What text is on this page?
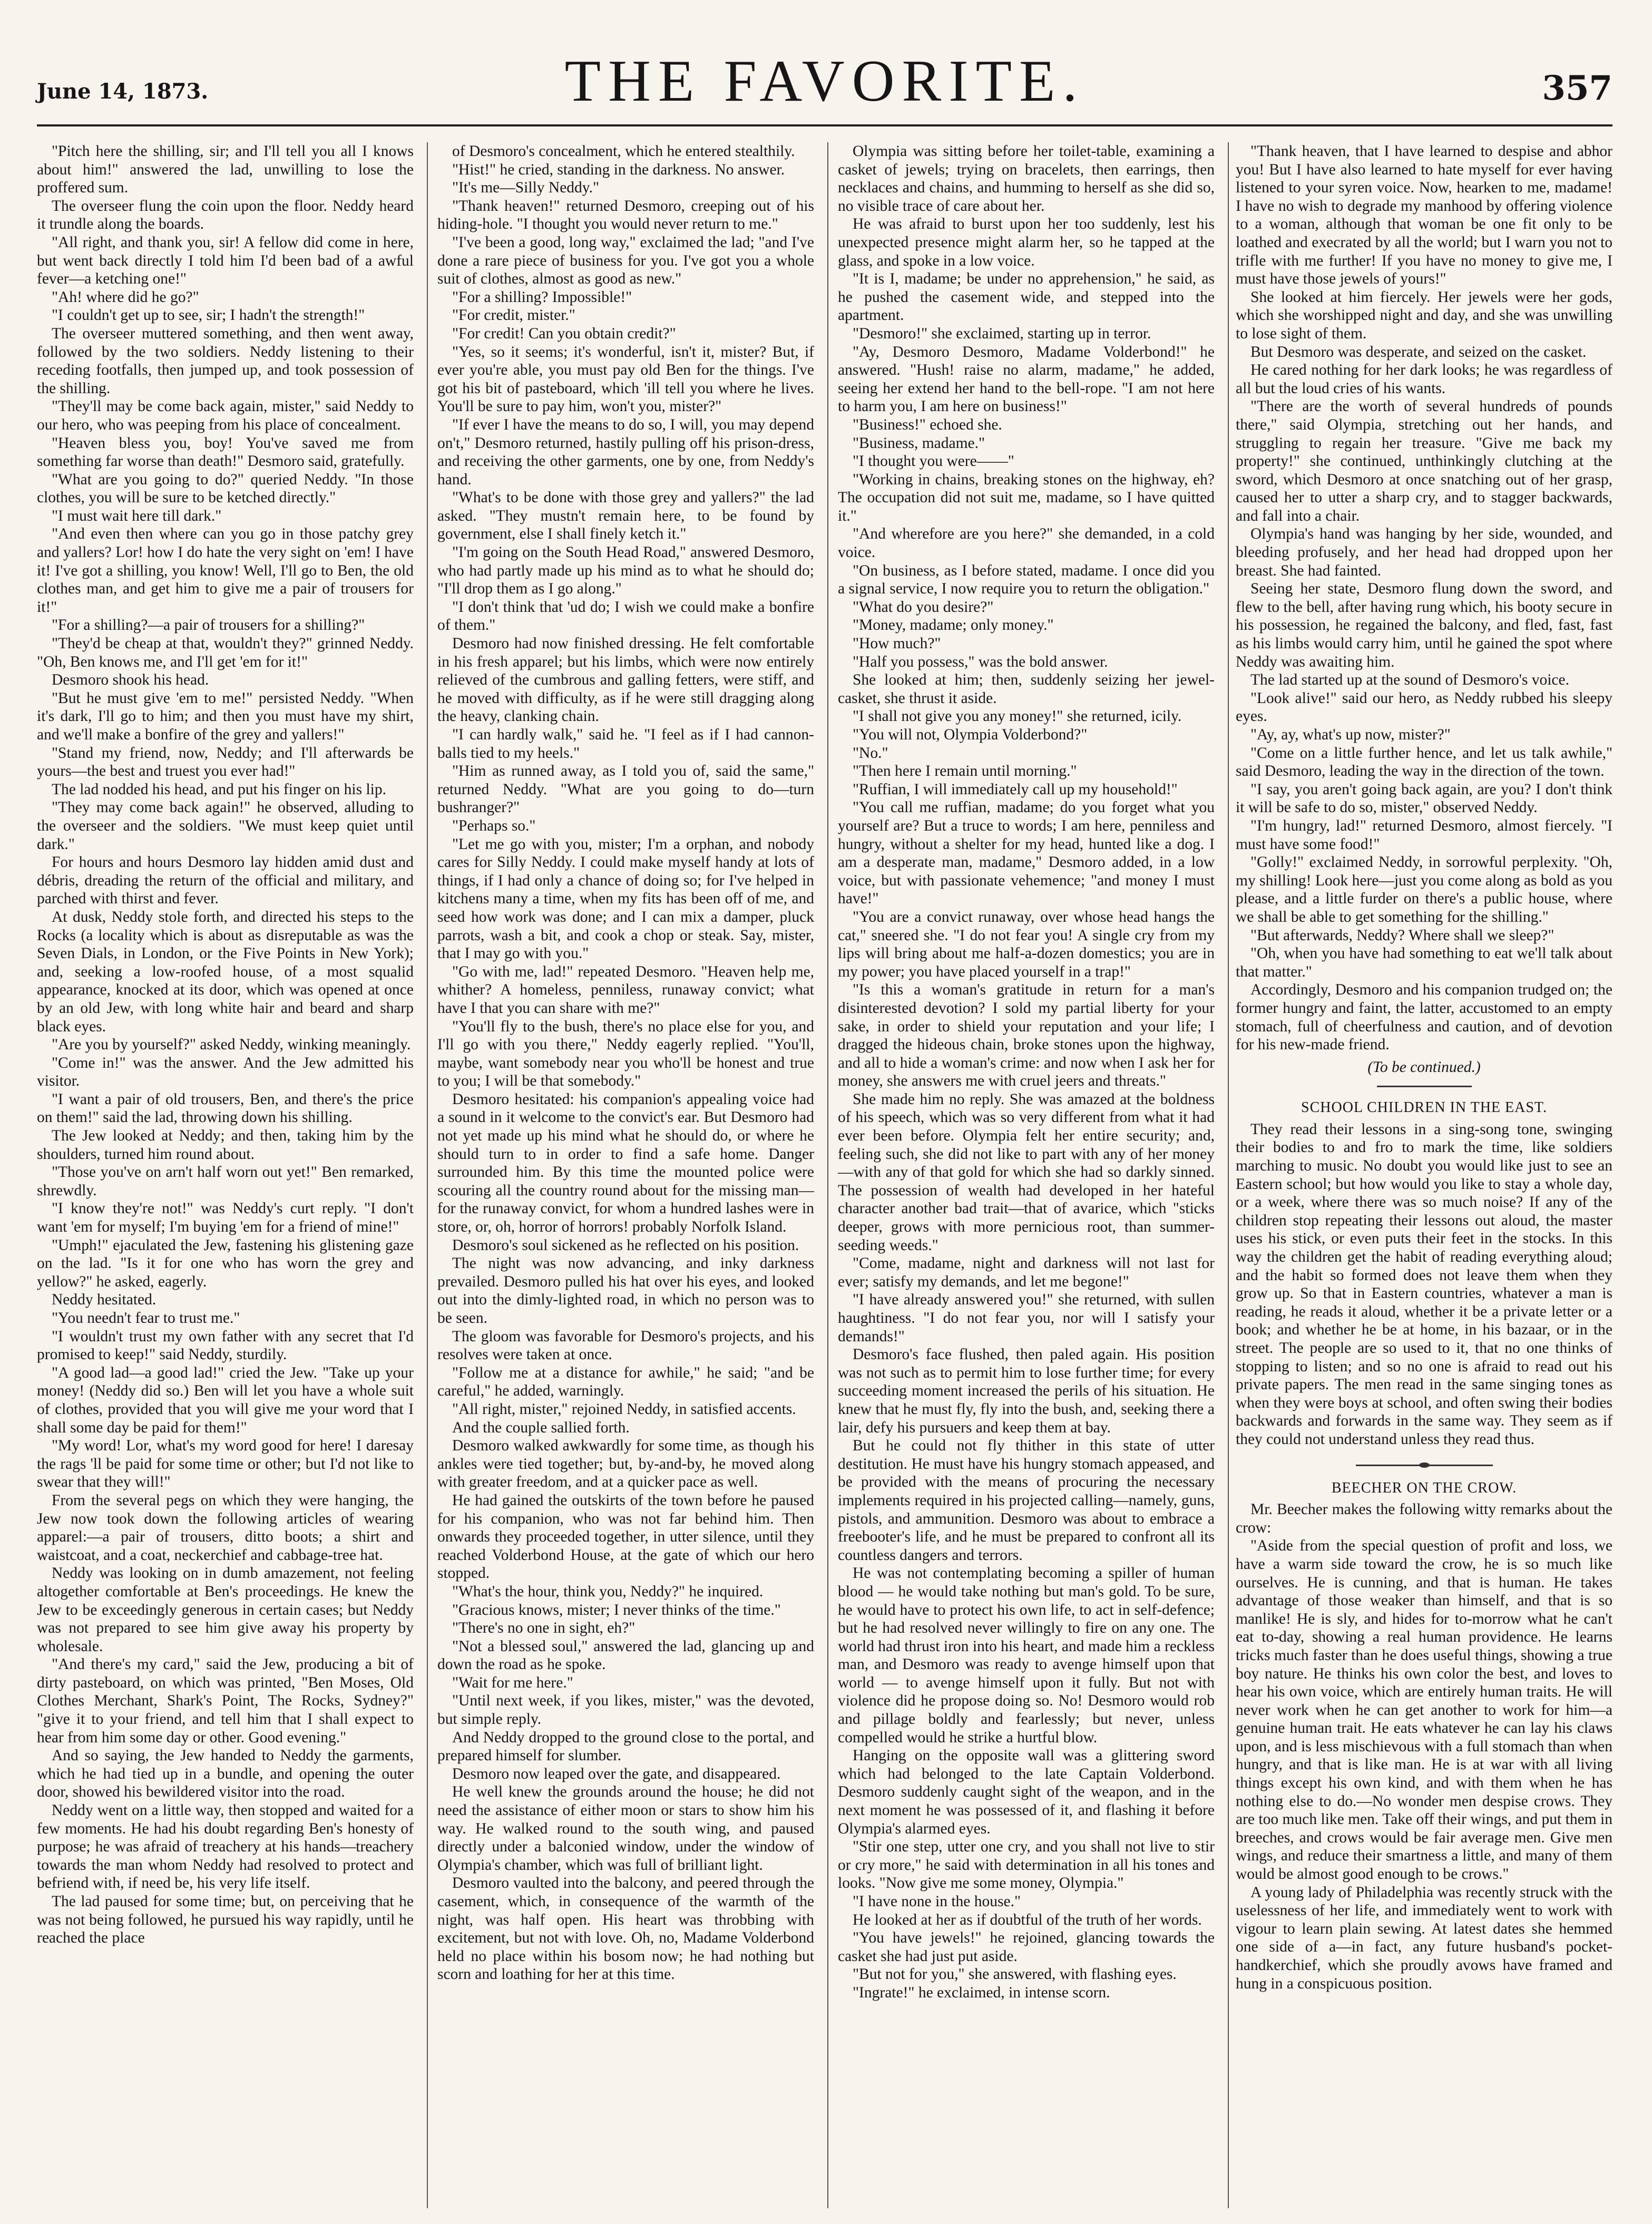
June 14, 1873.	THE FAVORITE.	357

"Pitch here the shilling, sir; and I'll tell you all I knows about him!" answered the lad, unwilling to lose the proffered sum.

The overseer flung the coin upon the floor. Neddy heard it trundle along the boards.

"All right, and thank you, sir! A fellow did come in here, but went back directly I told him I'd been bad of a awful fever—a ketching one!"

"Ah! where did he go?"

"I couldn't get up to see, sir; I hadn't the strength!"

The overseer muttered something, and then went away, followed by the two soldiers. Neddy listening to their receding footfalls, then jumped up, and took possession of the shilling.

"They'll may be come back again, mister," said Neddy to our hero, who was peeping from his place of concealment.

"Heaven bless you, boy! You've saved me from something far worse than death!" Desmoro said, gratefully.

"What are you going to do?" queried Neddy. "In those clothes, you will be sure to be ketched directly."

"I must wait here till dark."

"And even then where can you go in those patchy grey and yallers? Lor! how I do hate the very sight on 'em! I have it! I've got a shilling, you know! Well, I'll go to Ben, the old clothes man, and get him to give me a pair of trousers for it!"

"For a shilling?—a pair of trousers for a shilling?"

"They'd be cheap at that, wouldn't they?" grinned Neddy. "Oh, Ben knows me, and I'll get 'em for it!"

Desmoro shook his head.

"But he must give 'em to me!" persisted Neddy. "When it's dark, I'll go to him; and then you must have my shirt, and we'll make a bonfire of the grey and yallers!"

"Stand my friend, now, Neddy; and I'll afterwards be yours—the best and truest you ever had!"

The lad nodded his head, and put his finger on his lip.

"They may come back again!" he observed, alluding to the overseer and the soldiers. "We must keep quiet until dark."

For hours and hours Desmoro lay hidden amid dust and débris, dreading the return of the official and military, and parched with thirst and fever.

At dusk, Neddy stole forth, and directed his steps to the Rocks (a locality which is about as disreputable as was the Seven Dials, in London, or the Five Points in New York); and, seeking a low-roofed house, of a most squalid appearance, knocked at its door, which was opened at once by an old Jew, with long white hair and beard and sharp black eyes.

"Are you by yourself?" asked Neddy, winking meaningly.

"Come in!" was the answer. And the Jew admitted his visitor.

"I want a pair of old trousers, Ben, and there's the price on them!" said the lad, throwing down his shilling.

The Jew looked at Neddy; and then, taking him by the shoulders, turned him round about.

"Those you've on arn't half worn out yet!" Ben remarked, shrewdly.

"I know they're not!" was Neddy's curt reply. "I don't want 'em for myself; I'm buying 'em for a friend of mine!"

"Umph!" ejaculated the Jew, fastening his glistening gaze on the lad. "Is it for one who has worn the grey and yellow?" he asked, eagerly.

Neddy hesitated.

"You needn't fear to trust me."

"I wouldn't trust my own father with any secret that I'd promised to keep!" said Neddy, sturdily.

"A good lad—a good lad!" cried the Jew. "Take up your money! (Neddy did so.) Ben will let you have a whole suit of clothes, provided that you will give me your word that I shall some day be paid for them!"

"My word! Lor, what's my word good for here! I daresay the rags 'll be paid for some time or other; but I'd not like to swear that they will!"

From the several pegs on which they were hanging, the Jew now took down the following articles of wearing apparel:—a pair of trousers, ditto boots; a shirt and waistcoat, and a coat, neckerchief and cabbage-tree hat.

Neddy was looking on in dumb amazement, not feeling altogether comfortable at Ben's proceedings. He knew the Jew to be exceedingly generous in certain cases; but Neddy was not prepared to see him give away his property by wholesale.

"And there's my card," said the Jew, producing a bit of dirty pasteboard, on which was printed, "Ben Moses, Old Clothes Merchant, Shark's Point, The Rocks, Sydney?" "give it to your friend, and tell him that I shall expect to hear from him some day or other. Good evening."

And so saying, the Jew handed to Neddy the garments, which he had tied up in a bundle, and opening the outer door, showed his bewildered visitor into the road.

Neddy went on a little way, then stopped and waited for a few moments. He had his doubt regarding Ben's honesty of purpose; he was afraid of treachery at his hands—treachery towards the man whom Neddy had resolved to protect and befriend with, if need be, his very life itself.

The lad paused for some time; but, on perceiving that he was not being followed, he pursued his way rapidly, until he reached the place

of Desmoro's concealment, which he entered stealthily.

"Hist!" he cried, standing in the darkness. No answer.

"It's me—Silly Neddy."

"Thank heaven!" returned Desmoro, creeping out of his hiding-hole. "I thought you would never return to me."

"I've been a good, long way," exclaimed the lad; "and I've done a rare piece of business for you. I've got you a whole suit of clothes, almost as good as new."

"For a shilling? Impossible!"

"For credit, mister."

"For credit! Can you obtain credit?"

"Yes, so it seems; it's wonderful, isn't it, mister? But, if ever you're able, you must pay old Ben for the things. I've got his bit of pasteboard, which 'ill tell you where he lives. You'll be sure to pay him, won't you, mister?"

"If ever I have the means to do so, I will, you may depend on't," Desmoro returned, hastily pulling off his prison-dress, and receiving the other garments, one by one, from Neddy's hand.

"What's to be done with those grey and yallers?" the lad asked. "They mustn't remain here, to be found by government, else I shall finely ketch it."

"I'm going on the South Head Road," answered Desmoro, who had partly made up his mind as to what he should do; "I'll drop them as I go along."

"I don't think that 'ud do; I wish we could make a bonfire of them."

Desmoro had now finished dressing. He felt comfortable in his fresh apparel; but his limbs, which were now entirely relieved of the cumbrous and galling fetters, were stiff, and he moved with difficulty, as if he were still dragging along the heavy, clanking chain.

"I can hardly walk," said he. "I feel as if I had cannon-balls tied to my heels."

"Him as runned away, as I told you of, said the same," returned Neddy. "What are you going to do—turn bushranger?"

"Perhaps so."

"Let me go with you, mister; I'm a orphan, and nobody cares for Silly Neddy. I could make myself handy at lots of things, if I had only a chance of doing so; for I've helped in kitchens many a time, when my fits has been off of me, and seed how work was done; and I can mix a damper, pluck parrots, wash a bit, and cook a chop or steak. Say, mister, that I may go with you."

"Go with me, lad!" repeated Desmoro. "Heaven help me, whither? A homeless, penniless, runaway convict; what have I that you can share with me?"

"You'll fly to the bush, there's no place else for you, and I'll go with you there," Neddy eagerly replied. "You'll, maybe, want somebody near you who'll be honest and true to you; I will be that somebody."

Desmoro hesitated: his companion's appealing voice had a sound in it welcome to the convict's ear. But Desmoro had not yet made up his mind what he should do, or where he should turn to in order to find a safe home. Danger surrounded him. By this time the mounted police were scouring all the country round about for the missing man—for the runaway convict, for whom a hundred lashes were in store, or, oh, horror of horrors! probably Norfolk Island.

Desmoro's soul sickened as he reflected on his position.

The night was now advancing, and inky darkness prevailed. Desmoro pulled his hat over his eyes, and looked out into the dimly-lighted road, in which no person was to be seen.

The gloom was favorable for Desmoro's projects, and his resolves were taken at once.

"Follow me at a distance for awhile," he said; "and be careful," he added, warningly.

"All right, mister," rejoined Neddy, in satisfied accents.

And the couple sallied forth.

Desmoro walked awkwardly for some time, as though his ankles were tied together; but, by-and-by, he moved along with greater freedom, and at a quicker pace as well.

He had gained the outskirts of the town before he paused for his companion, who was not far behind him. Then onwards they proceeded together, in utter silence, until they reached Volderbond House, at the gate of which our hero stopped.

"What's the hour, think you, Neddy?" he inquired.

"Gracious knows, mister; I never thinks of the time."

"There's no one in sight, eh?"

"Not a blessed soul," answered the lad, glancing up and down the road as he spoke.

"Wait for me here."

"Until next week, if you likes, mister," was the devoted, but simple reply.

And Neddy dropped to the ground close to the portal, and prepared himself for slumber.

Desmoro now leaped over the gate, and disappeared.

He well knew the grounds around the house; he did not need the assistance of either moon or stars to show him his way. He walked round to the south wing, and paused directly under a balconied window, under the window of Olympia's chamber, which was full of brilliant light.

Desmoro vaulted into the balcony, and peered through the casement, which, in consequence of the warmth of the night, was half open. His heart was throbbing with excitement, but not with love. Oh, no, Madame Volderbond held no place within his bosom now; he had nothing but scorn and loathing for her at this time.

Olympia was sitting before her toilet-table, examining a casket of jewels; trying on bracelets, then earrings, then necklaces and chains, and humming to herself as she did so, no visible trace of care about her.

He was afraid to burst upon her too suddenly, lest his unexpected presence might alarm her, so he tapped at the glass, and spoke in a low voice.

"It is I, madame; be under no apprehension," he said, as he pushed the casement wide, and stepped into the apartment.

"Desmoro!" she exclaimed, starting up in terror.

"Ay, Desmoro Desmoro, Madame Volderbond!" he answered. "Hush! raise no alarm, madame," he added, seeing her extend her hand to the bell-rope. "I am not here to harm you, I am here on business!"

"Business!" echoed she.

"Business, madame."

"I thought you were——"

"Working in chains, breaking stones on the highway, eh? The occupation did not suit me, madame, so I have quitted it."

"And wherefore are you here?" she demanded, in a cold voice.

"On business, as I before stated, madame. I once did you a signal service, I now require you to return the obligation."

"What do you desire?"

"Money, madame; only money."

"How much?"

"Half you possess," was the bold answer.

She looked at him; then, suddenly seizing her jewel-casket, she thrust it aside.

"I shall not give you any money!" she returned, icily.

"You will not, Olympia Volderbond?"

"No."

"Then here I remain until morning."

"Ruffian, I will immediately call up my household!"

"You call me ruffian, madame; do you forget what you yourself are? But a truce to words; I am here, penniless and hungry, without a shelter for my head, hunted like a dog. I am a desperate man, madame," Desmoro added, in a low voice, but with passionate vehemence; "and money I must have!"

"You are a convict runaway, over whose head hangs the cat," sneered she. "I do not fear you! A single cry from my lips will bring about me half-a-dozen domestics; you are in my power; you have placed yourself in a trap!"

"Is this a woman's gratitude in return for a man's disinterested devotion? I sold my partial liberty for your sake, in order to shield your reputation and your life; I dragged the hideous chain, broke stones upon the highway, and all to hide a woman's crime: and now when I ask her for money, she answers me with cruel jeers and threats."

She made him no reply. She was amazed at the boldness of his speech, which was so very different from what it had ever been before. Olympia felt her entire security; and, feeling such, she did not like to part with any of her money—with any of that gold for which she had so darkly sinned. The possession of wealth had developed in her hateful character another bad trait—that of avarice, which "sticks deeper, grows with more pernicious root, than summer-seeding weeds."

"Come, madame, night and darkness will not last for ever; satisfy my demands, and let me begone!"

"I have already answered you!" she returned, with sullen haughtiness. "I do not fear you, nor will I satisfy your demands!"

Desmoro's face flushed, then paled again. His position was not such as to permit him to lose further time; for every succeeding moment increased the perils of his situation. He knew that he must fly, fly into the bush, and, seeking there a lair, defy his pursuers and keep them at bay.

But he could not fly thither in this state of utter destitution. He must have his hungry stomach appeased, and be provided with the means of procuring the necessary implements required in his projected calling—namely, guns, pistols, and ammunition. Desmoro was about to embrace a freebooter's life, and he must be prepared to confront all its countless dangers and terrors.

He was not contemplating becoming a spiller of human blood — he would take nothing but man's gold. To be sure, he would have to protect his own life, to act in self-defence; but he had resolved never willingly to fire on any one. The world had thrust iron into his heart, and made him a reckless man, and Desmoro was ready to avenge himself upon that world — to avenge himself upon it fully. But not with violence did he propose doing so. No! Desmoro would rob and pillage boldly and fearlessly; but never, unless compelled would he strike a hurtful blow.

Hanging on the opposite wall was a glittering sword which had belonged to the late Captain Volderbond. Desmoro suddenly caught sight of the weapon, and in the next moment he was possessed of it, and flashing it before Olympia's alarmed eyes.

"Stir one step, utter one cry, and you shall not live to stir or cry more," he said with determination in all his tones and looks. "Now give me some money, Olympia."

"I have none in the house."

He looked at her as if doubtful of the truth of her words.

"You have jewels!" he rejoined, glancing towards the casket she had just put aside.

"But not for you," she answered, with flashing eyes.

"Ingrate!" he exclaimed, in intense scorn.

"Thank heaven, that I have learned to despise and abhor you! But I have also learned to hate myself for ever having listened to your syren voice. Now, hearken to me, madame! I have no wish to degrade my manhood by offering violence to a woman, although that woman be one fit only to be loathed and execrated by all the world; but I warn you not to trifle with me further! If you have no money to give me, I must have those jewels of yours!"

She looked at him fiercely. Her jewels were her gods, which she worshipped night and day, and she was unwilling to lose sight of them.

But Desmoro was desperate, and seized on the casket.

He cared nothing for her dark looks; he was regardless of all but the loud cries of his wants.

"There are the worth of several hundreds of pounds there," said Olympia, stretching out her hands, and struggling to regain her treasure. "Give me back my property!" she continued, unthinkingly clutching at the sword, which Desmoro at once snatching out of her grasp, caused her to utter a sharp cry, and to stagger backwards, and fall into a chair.

Olympia's hand was hanging by her side, wounded, and bleeding profusely, and her head had dropped upon her breast. She had fainted.

Seeing her state, Desmoro flung down the sword, and flew to the bell, after having rung which, his booty secure in his possession, he regained the balcony, and fled, fast, fast as his limbs would carry him, until he gained the spot where Neddy was awaiting him.

The lad started up at the sound of Desmoro's voice.

"Look alive!" said our hero, as Neddy rubbed his sleepy eyes.

"Ay, ay, what's up now, mister?"

"Come on a little further hence, and let us talk awhile," said Desmoro, leading the way in the direction of the town.

"I say, you aren't going back again, are you? I don't think it will be safe to do so, mister," observed Neddy.

"I'm hungry, lad!" returned Desmoro, almost fiercely. "I must have some food!"

"Golly!" exclaimed Neddy, in sorrowful perplexity. "Oh, my shilling! Look here—just you come along as bold as you please, and a little furder on there's a public house, where we shall be able to get something for the shilling."

"But afterwards, Neddy? Where shall we sleep?"

"Oh, when you have had something to eat we'll talk about that matter."

Accordingly, Desmoro and his companion trudged on; the former hungry and faint, the latter, accustomed to an empty stomach, full of cheerfulness and caution, and of devotion for his new-made friend.

(To be continued.)

SCHOOL CHILDREN IN THE EAST.

They read their lessons in a sing-song tone, swinging their bodies to and fro to mark the time, like soldiers marching to music. No doubt you would like just to see an Eastern school; but how would you like to stay a whole day, or a week, where there was so much noise? If any of the children stop repeating their lessons out aloud, the master uses his stick, or even puts their feet in the stocks. In this way the children get the habit of reading everything aloud; and the habit so formed does not leave them when they grow up. So that in Eastern countries, whatever a man is reading, he reads it aloud, whether it be a private letter or a book; and whether he be at home, in his bazaar, or in the street. The people are so used to it, that no one thinks of stopping to listen; and so no one is afraid to read out his private papers. The men read in the same singing tones as when they were boys at school, and often swing their bodies backwards and forwards in the same way. They seem as if they could not understand unless they read thus.

BEECHER ON THE CROW.

Mr. Beecher makes the following witty remarks about the crow:

"Aside from the special question of profit and loss, we have a warm side toward the crow, he is so much like ourselves. He is cunning, and that is human. He takes advantage of those weaker than himself, and that is so manlike! He is sly, and hides for to-morrow what he can't eat to-day, showing a real human providence. He learns tricks much faster than he does useful things, showing a true boy nature. He thinks his own color the best, and loves to hear his own voice, which are entirely human traits. He will never work when he can get another to work for him—a genuine human trait. He eats whatever he can lay his claws upon, and is less mischievous with a full stomach than when hungry, and that is like man. He is at war with all living things except his own kind, and with them when he has nothing else to do.—No wonder men despise crows. They are too much like men. Take off their wings, and put them in breeches, and crows would be fair average men. Give men wings, and reduce their smartness a little, and many of them would be almost good enough to be crows."

A young lady of Philadelphia was recently struck with the uselessness of her life, and immediately went to work with vigour to learn plain sewing. At latest dates she hemmed one side of a—in fact, any future husband's pocket-handkerchief, which she proudly avows have framed and hung in a conspicuous position.
